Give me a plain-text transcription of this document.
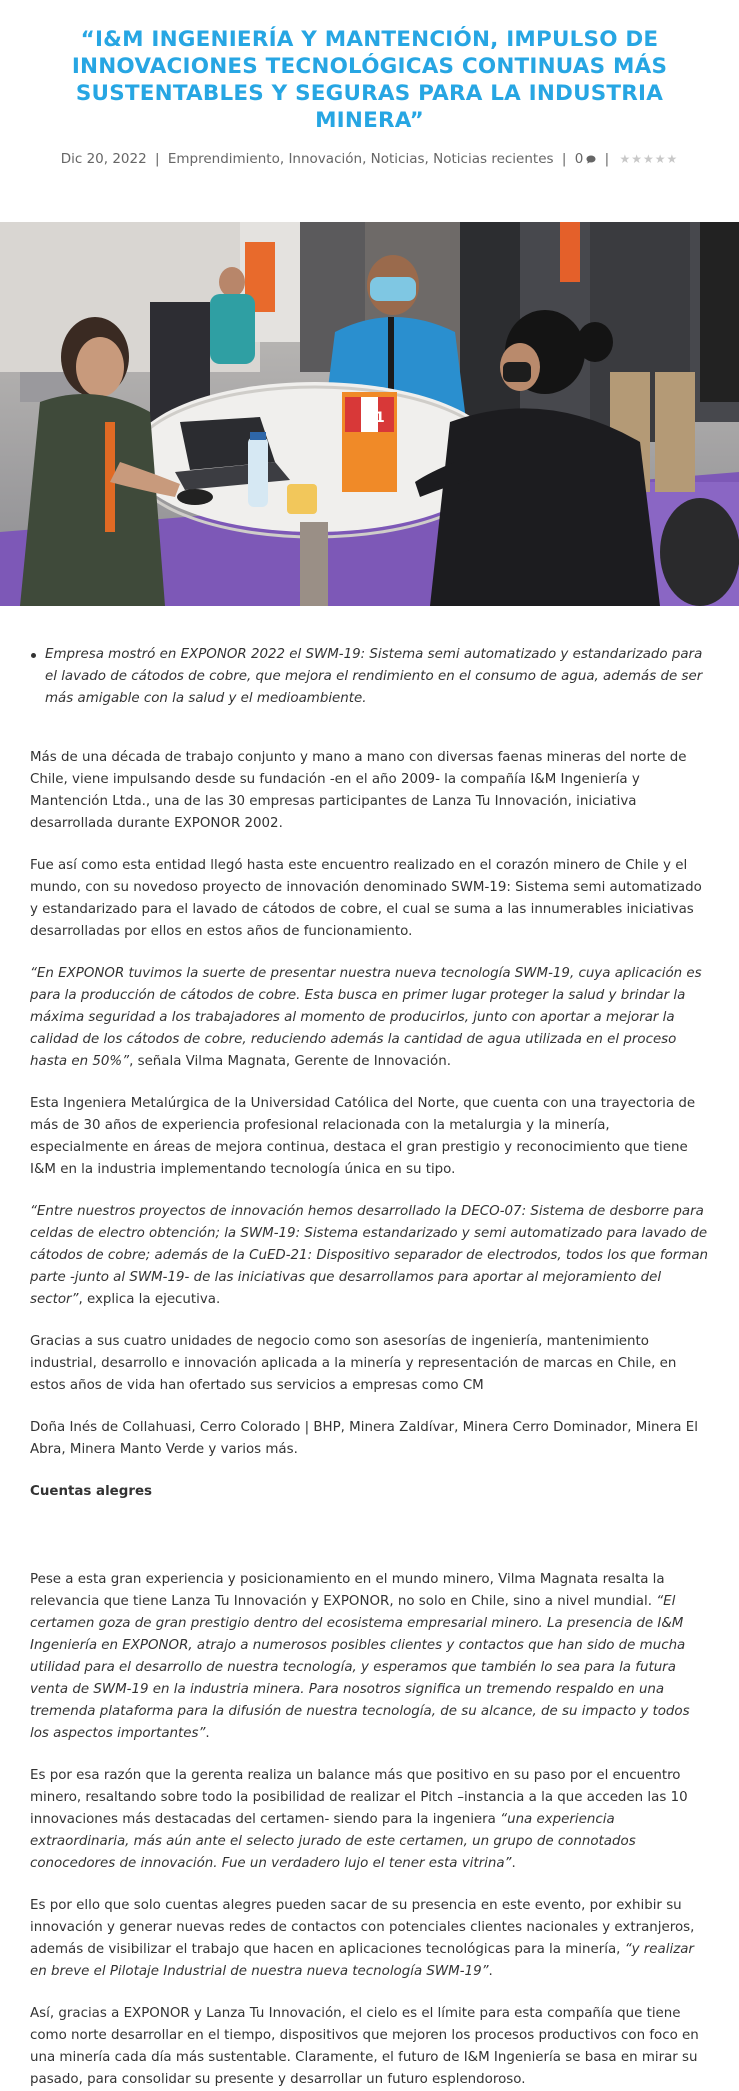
“I&M INGENIERÍA Y MANTENCIÓN, IMPULSO DE INNOVACIONES TECNOLÓGICAS CONTINUAS MÁS SUSTENTABLES Y SEGURAS PARA LA INDUSTRIA MINERA”
Dic 20, 2022 | Emprendimiento, Innovación, Noticias, Noticias recientes | 0 | ★★★★★
1
Empresa mostró en EXPONOR 2022 el SWM-19: Sistema semi automatizado y estandarizado para el lavado de cátodos de cobre, que mejora el rendimiento en el consumo de agua, además de ser más amigable con la salud y el medioambiente.

Más de una década de trabajo conjunto y mano a mano con diversas faenas mineras del norte de Chile, viene impulsando desde su fundación -en el año 2009- la compañía I&M Ingeniería y Mantención Ltda., una de las 30 empresas participantes de Lanza Tu Innovación, iniciativa desarrollada durante EXPONOR 2002.

Fue así como esta entidad llegó hasta este encuentro realizado en el corazón minero de Chile y el mundo, con su novedoso proyecto de innovación denominado SWM-19: Sistema semi automatizado y estandarizado para el lavado de cátodos de cobre, el cual se suma a las innumerables iniciativas desarrolladas por ellos en estos años de funcionamiento.

“En EXPONOR tuvimos la suerte de presentar nuestra nueva tecnología SWM-19, cuya aplicación es para la producción de cátodos de cobre. Esta busca en primer lugar proteger la salud y brindar la máxima seguridad a los trabajadores al momento de producirlos, junto con aportar a mejorar la calidad de los cátodos de cobre, reduciendo además la cantidad de agua utilizada en el proceso hasta en 50%”, señala Vilma Magnata, Gerente de Innovación.

Esta Ingeniera Metalúrgica de la Universidad Católica del Norte, que cuenta con una trayectoria de más de 30 años de experiencia profesional relacionada con la metalurgia y la minería, especialmente en áreas de mejora continua, destaca el gran prestigio y reconocimiento que tiene I&M en la industria implementando tecnología única en su tipo.

“Entre nuestros proyectos de innovación hemos desarrollado la DECO-07: Sistema de desborre para celdas de electro obtención; la SWM-19: Sistema estandarizado y semi automatizado para lavado de cátodos de cobre; además de la CuED-21: Dispositivo separador de electrodos, todos los que forman parte -junto al SWM-19- de las iniciativas que desarrollamos para aportar al mejoramiento del sector”, explica la ejecutiva.

Gracias a sus cuatro unidades de negocio como son asesorías de ingeniería, mantenimiento industrial, desarrollo e innovación aplicada a la minería y representación de marcas en Chile, en estos años de vida han ofertado sus servicios a empresas como CM

Doña Inés de Collahuasi, Cerro Colorado | BHP, Minera Zaldívar, Minera Cerro Dominador, Minera El Abra, Minera Manto Verde y varios más.

Cuentas alegres

Pese a esta gran experiencia y posicionamiento en el mundo minero, Vilma Magnata resalta la relevancia que tiene Lanza Tu Innovación y EXPONOR, no solo en Chile, sino a nivel mundial. “El certamen goza de gran prestigio dentro del ecosistema empresarial minero. La presencia de I&M Ingeniería en EXPONOR, atrajo a numerosos posibles clientes y contactos que han sido de mucha utilidad para el desarrollo de nuestra tecnología, y esperamos que también lo sea para la futura venta de SWM-19 en la industria minera. Para nosotros significa un tremendo respaldo en una tremenda plataforma para la difusión de nuestra tecnología, de su alcance, de su impacto y todos los aspectos importantes”.

Es por esa razón que la gerenta realiza un balance más que positivo en su paso por el encuentro minero, resaltando sobre todo la posibilidad de realizar el Pitch –instancia a la que acceden las 10 innovaciones más destacadas del certamen- siendo para la ingeniera “una experiencia extraordinaria, más aún ante el selecto jurado de este certamen, un grupo de connotados conocedores de innovación. Fue un verdadero lujo el tener esta vitrina”.

Es por ello que solo cuentas alegres pueden sacar de su presencia en este evento, por exhibir su innovación y generar nuevas redes de contactos con potenciales clientes nacionales y extranjeros, además de visibilizar el trabajo que hacen en aplicaciones tecnológicas para la minería, “y realizar en breve el Pilotaje Industrial de nuestra nueva tecnología SWM-19”.

Así, gracias a EXPONOR y Lanza Tu Innovación, el cielo es el límite para esta compañía que tiene como norte desarrollar en el tiempo, dispositivos que mejoren los procesos productivos con foco en una minería cada día más sustentable. Claramente, el futuro de I&M Ingeniería se basa en mirar su pasado, para consolidar su presente y desarrollar un futuro esplendoroso.
